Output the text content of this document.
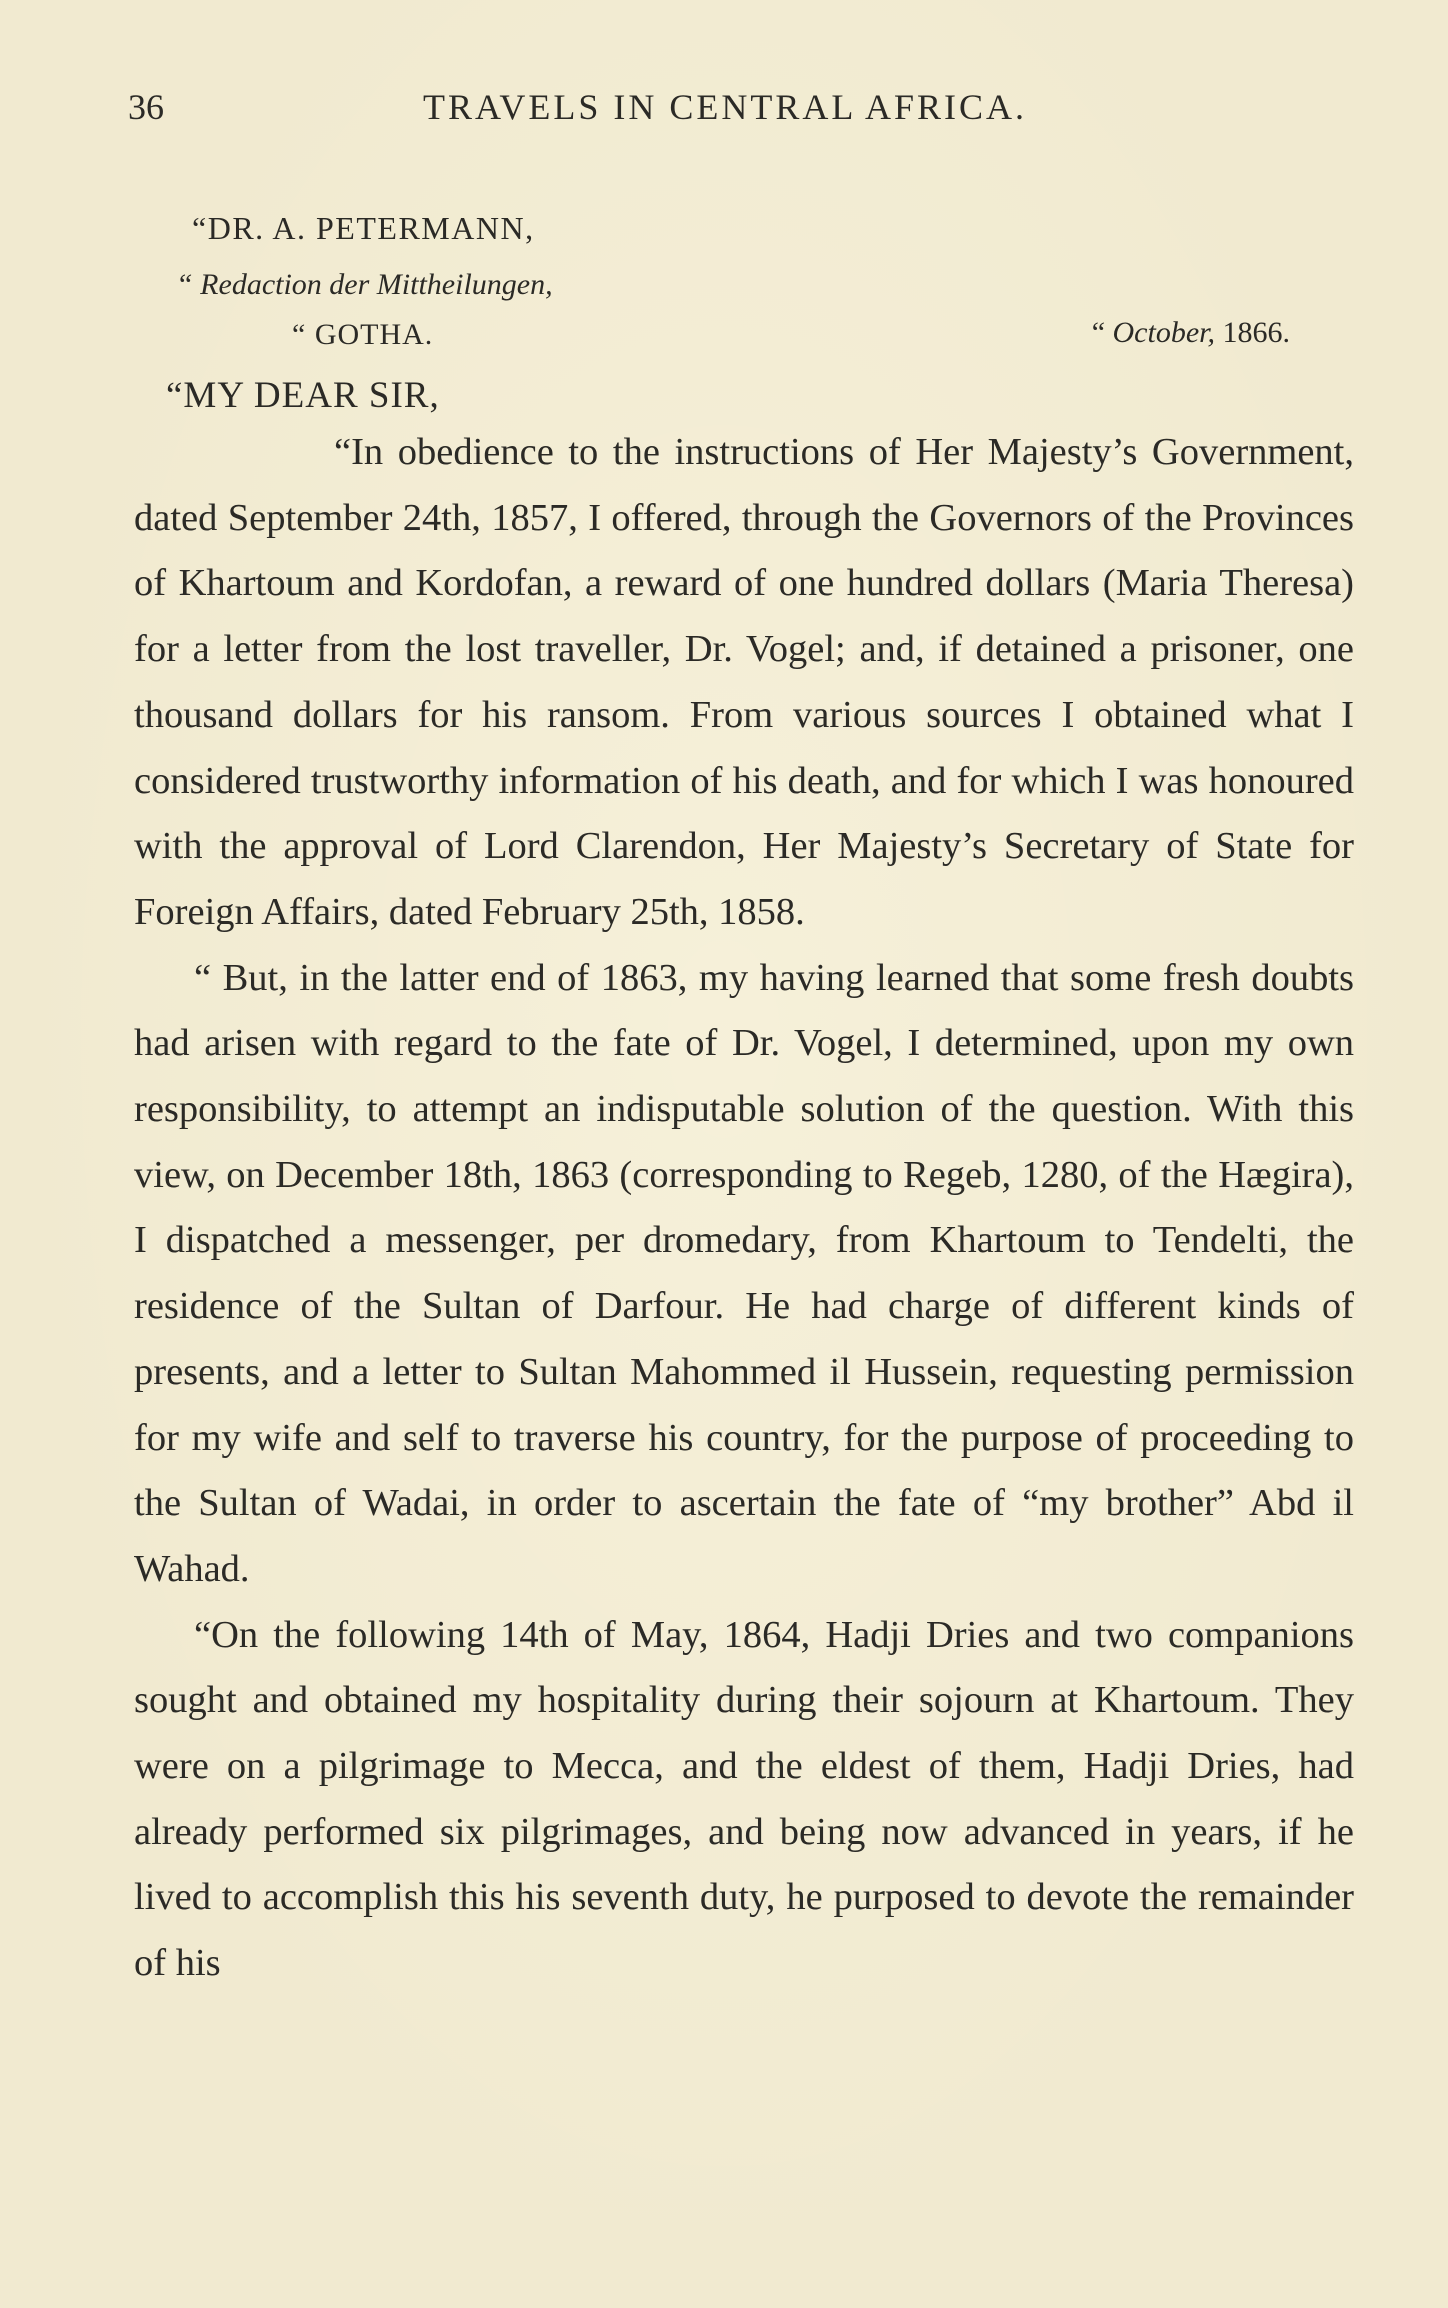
36	TRAVELS IN CENTRAL AFRICA.
“DR. A. PETERMANN,
“ Redaction der Mittheilungen,
“ GOTHA.	“ October, 1866.
“MY DEAR SIR,

“In obedience to the instructions of Her Majesty’s Government, dated September 24th, 1857, I offered, through the Governors of the Provinces of Khartoum and Kordofan, a reward of one hundred dollars (Maria Theresa) for a letter from the lost traveller, Dr. Vogel; and, if detained a prisoner, one thousand dollars for his ransom. From various sources I obtained what I considered trustworthy information of his death, and for which I was honoured with the approval of Lord Clarendon, Her Majesty’s Secretary of State for Foreign Affairs, dated February 25th, 1858.

“ But, in the latter end of 1863, my having learned that some fresh doubts had arisen with regard to the fate of Dr. Vogel, I determined, upon my own responsibility, to attempt an indisputable solution of the question. With this view, on December 18th, 1863 (corresponding to Regeb, 1280, of the Hægira), I dispatched a messenger, per dromedary, from Khartoum to Tendelti, the residence of the Sultan of Darfour. He had charge of different kinds of presents, and a letter to Sultan Mahommed il Hussein, requesting permission for my wife and self to traverse his country, for the purpose of proceeding to the Sultan of Wadai, in order to ascertain the fate of “my brother” Abd il Wahad.

“On the following 14th of May, 1864, Hadji Dries and two companions sought and obtained my hospitality during their sojourn at Khartoum. They were on a pilgrimage to Mecca, and the eldest of them, Hadji Dries, had already performed six pilgrimages, and being now advanced in years, if he lived to accomplish this his seventh duty, he purposed to devote the remainder of his
